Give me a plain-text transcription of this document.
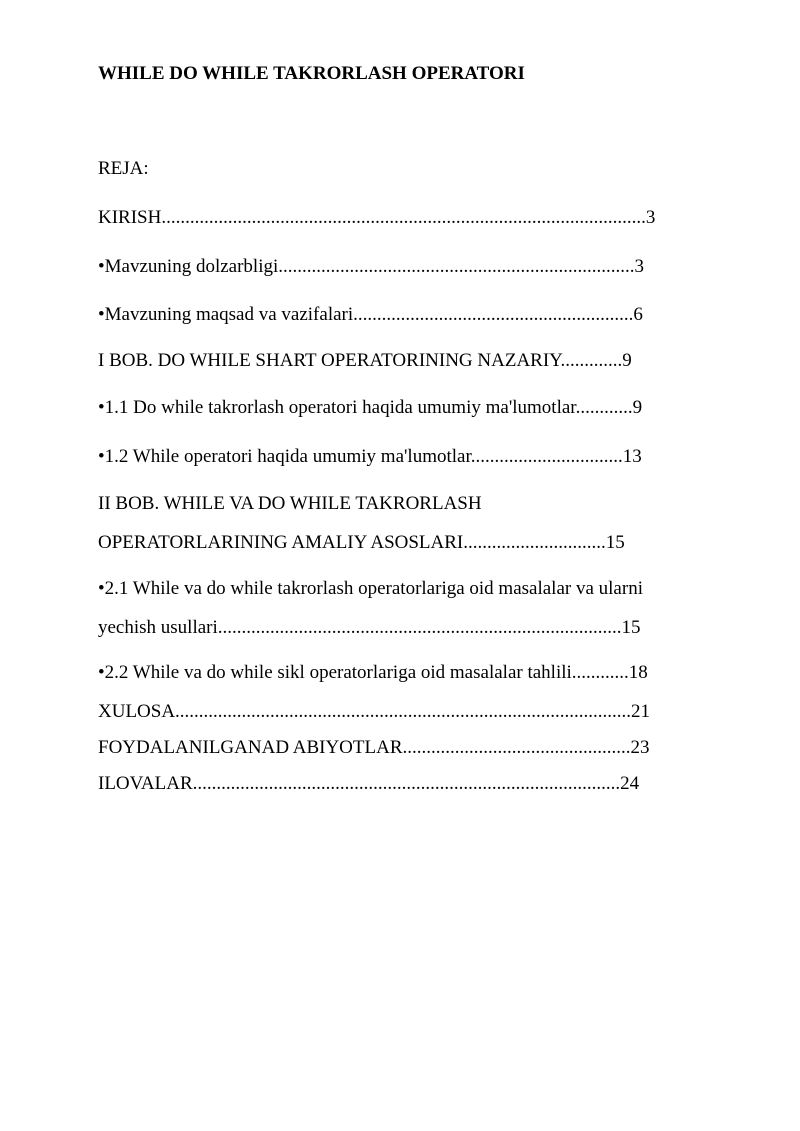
WHILE DO WHILE TAKRORLASH OPERATORI
REJA:
KIRISH......................................................................................................3
•Mavzuning dolzarbligi...........................................................................3
•Mavzuning maqsad va vazifalari...........................................................6
I BOB. DO WHILE SHART OPERATORINING NAZARIY.............9
•1.1 Do while takrorlash operatori haqida umumiy ma'lumotlar............9
•1.2 While operatori haqida umumiy ma'lumotlar................................13
II BOB. WHILE VA DO WHILE TAKRORLASH
OPERATORLARINING AMALIY ASOSLARI..............................15
•2.1 While va do while takrorlash operatorlariga oid masalalar va ularni
yechish usullari.....................................................................................15
•2.2 While va do while sikl operatorlariga oid masalalar tahlili............18
XULOSA................................................................................................21
FOYDALANILGANAD ABIYOTLAR................................................23
ILOVALAR..........................................................................................24
